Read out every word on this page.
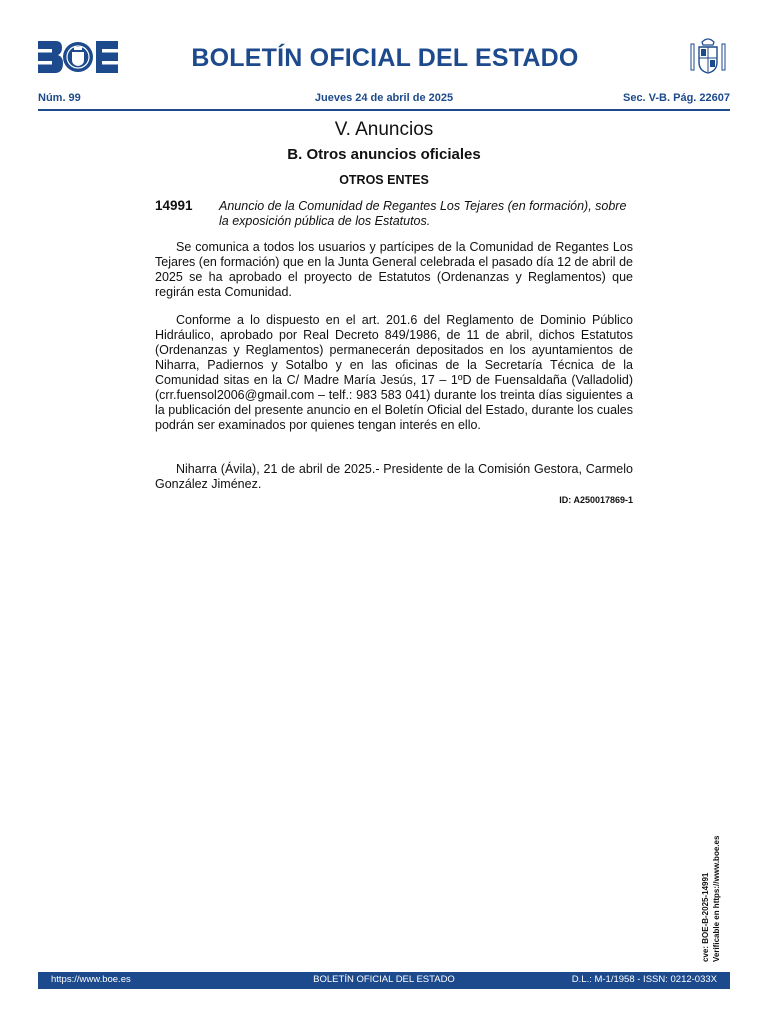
BOLETÍN OFICIAL DEL ESTADO
Núm. 99	Jueves 24 de abril de 2025	Sec. V-B. Pág. 22607
V. Anuncios
B. Otros anuncios oficiales
OTROS ENTES
14991 Anuncio de la Comunidad de Regantes Los Tejares (en formación), sobre la exposición pública de los Estatutos.
Se comunica a todos los usuarios y partícipes de la Comunidad de Regantes Los Tejares (en formación) que en la Junta General celebrada el pasado día 12 de abril de 2025 se ha aprobado el proyecto de Estatutos (Ordenanzas y Reglamentos) que regirán esta Comunidad.
Conforme a lo dispuesto en el art. 201.6 del Reglamento de Dominio Público Hidráulico, aprobado por Real Decreto 849/1986, de 11 de abril, dichos Estatutos (Ordenanzas y Reglamentos) permanecerán depositados en los ayuntamientos de Niharra, Padiernos y Sotalbo y en las oficinas de la Secretaría Técnica de la Comunidad sitas en la C/ Madre María Jesús, 17 – 1ºD de Fuensaldaña (Valladolid) (crr.fuensol2006@gmail.com – telf.: 983 583 041) durante los treinta días siguientes a la publicación del presente anuncio en el Boletín Oficial del Estado, durante los cuales podrán ser examinados por quienes tengan interés en ello.
Niharra (Ávila), 21 de abril de 2025.- Presidente de la Comisión Gestora, Carmelo González Jiménez.
ID: A250017869-1
cve: BOE-B-2025-14991 Verificable en https://www.boe.es
https://www.boe.es	BOLETÍN OFICIAL DEL ESTADO	D.L.: M-1/1958 - ISSN: 0212-033X
